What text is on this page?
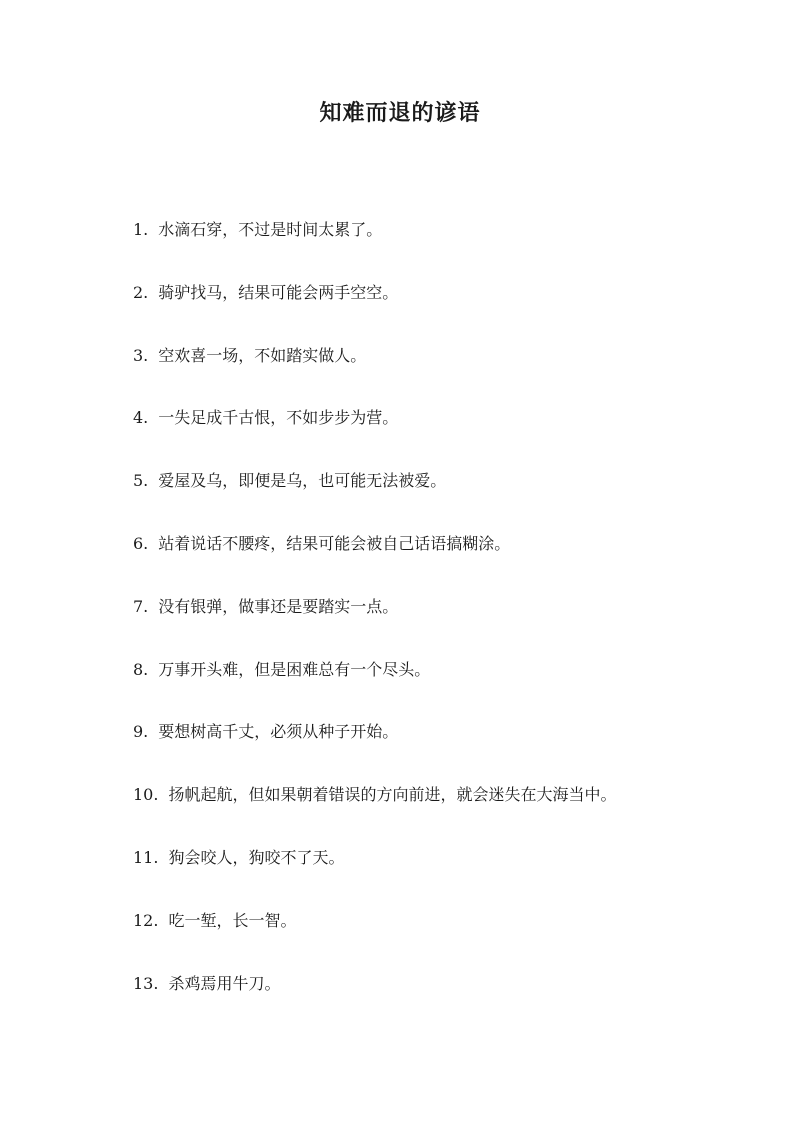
知难而退的谚语
1. 水滴石穿，不过是时间太累了。
2. 骑驴找马，结果可能会两手空空。
3. 空欢喜一场，不如踏实做人。
4. 一失足成千古恨，不如步步为营。
5. 爱屋及乌，即便是乌，也可能无法被爱。
6. 站着说话不腰疼，结果可能会被自己话语搞糊涂。
7. 没有银弹，做事还是要踏实一点。
8. 万事开头难，但是困难总有一个尽头。
9. 要想树高千丈，必须从种子开始。
10. 扬帆起航，但如果朝着错误的方向前进，就会迷失在大海当中。
11. 狗会咬人，狗咬不了天。
12. 吃一堑，长一智。
13. 杀鸡焉用牛刀。
